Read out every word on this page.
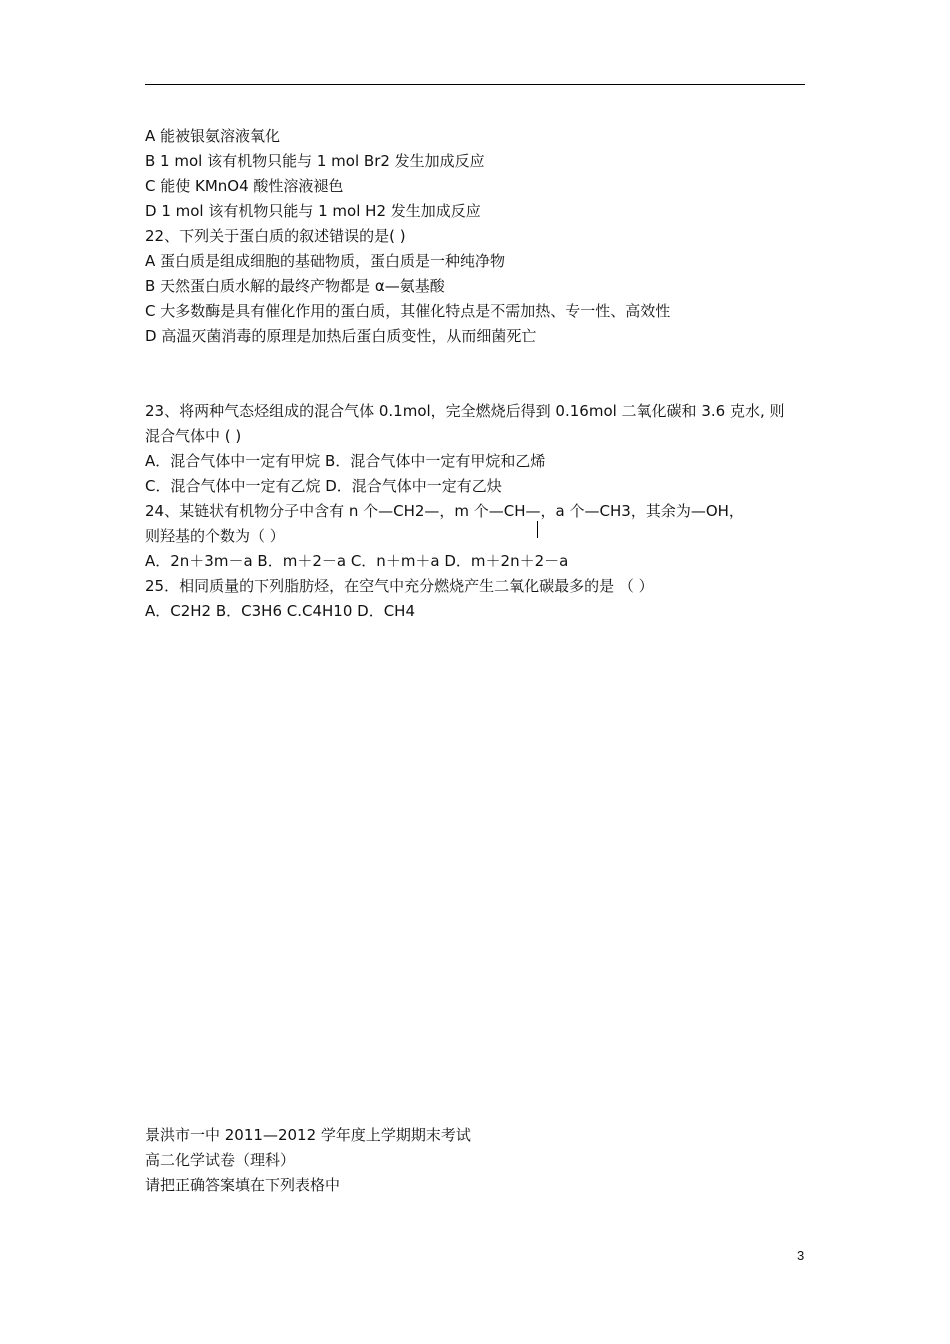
A 能被银氨溶液氧化
B 1 mol 该有机物只能与 1 mol Br2 发生加成反应
C 能使 KMnO4 酸性溶液褪色
D 1 mol 该有机物只能与 1 mol H2 发生加成反应
22、下列关于蛋白质的叙述错误的是( )
A 蛋白质是组成细胞的基础物质，蛋白质是一种纯净物
B 天然蛋白质水解的最终产物都是 α—氨基酸
C 大多数酶是具有催化作用的蛋白质，其催化特点是不需加热、专一性、高效性
D 高温灭菌消毒的原理是加热后蛋白质变性，从而细菌死亡
23、将两种气态烃组成的混合气体 0.1mol，完全燃烧后得到 0.16mol 二氧化碳和 3.6 克水, 则
混合气体中 ( )
A．混合气体中一定有甲烷 B．混合气体中一定有甲烷和乙烯
C．混合气体中一定有乙烷 D．混合气体中一定有乙炔
24、某链状有机物分子中含有 n 个—CH2—，m 个—CH—，a 个—CH3，其余为—OH，
则羟基的个数为（ ）
A．2n＋3m－a B．m＋2－a C．n＋m＋a D．m＋2n＋2－a
25．相同质量的下列脂肪烃，在空气中充分燃烧产生二氧化碳最多的是 （ ）
A．C2H2 B．C3H6 C.C4H10 D．CH4
景洪市一中 2011—2012 学年度上学期期末考试
高二化学试卷（理科）
请把正确答案填在下列表格中
3
